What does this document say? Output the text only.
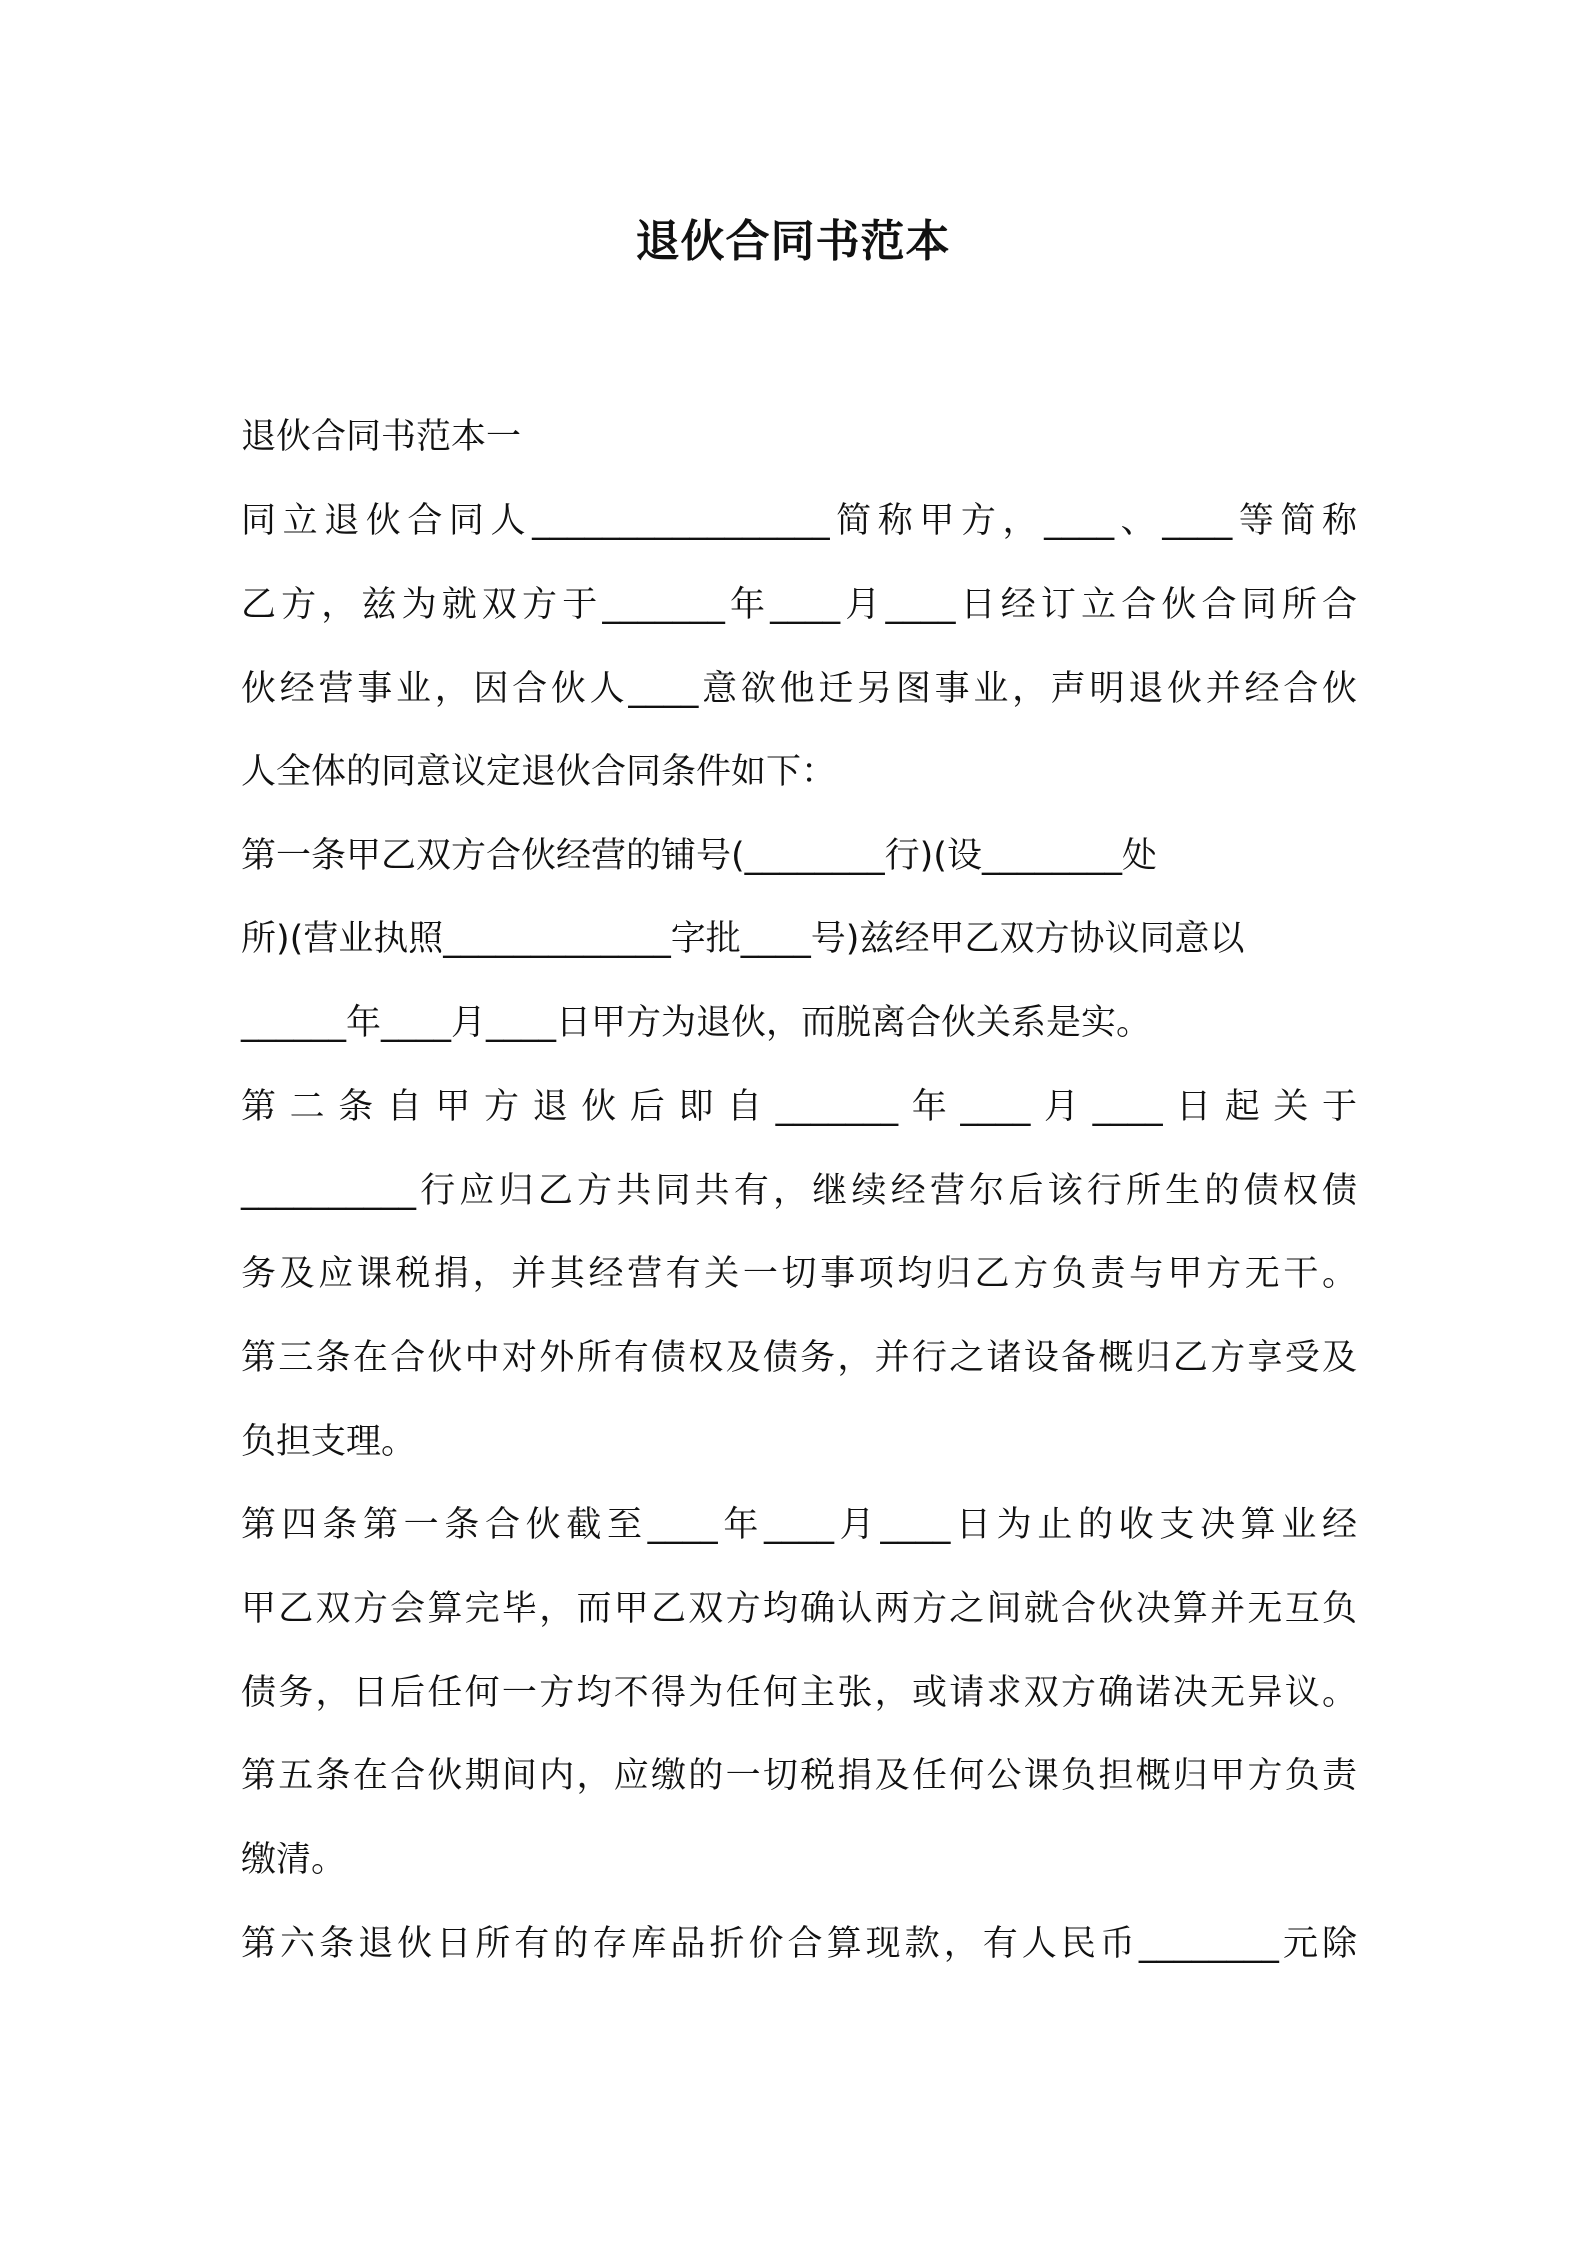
退伙合同书范本

退伙合同书范本一

同立退伙合同人_________________简称甲方，____、____等简称

乙方，兹为就双方于_______年____月____日经订立合伙合同所合

伙经营事业，因合伙人____意欲他迁另图事业，声明退伙并经合伙

人全体的同意议定退伙合同条件如下：

第一条甲乙双方合伙经营的铺号(________行)(设________处

所)(营业执照_____________字批____号)兹经甲乙双方协议同意以

______年____月____日甲方为退伙，而脱离合伙关系是实。

第二条自甲方退伙后即自_______年____月____日起关于

__________行应归乙方共同共有，继续经营尔后该行所生的债权债

务及应课税捐，并其经营有关一切事项均归乙方负责与甲方无干。

第三条在合伙中对外所有债权及债务，并行之诸设备概归乙方享受及

负担支理。

第四条第一条合伙截至____年____月____日为止的收支决算业经

甲乙双方会算完毕，而甲乙双方均确认两方之间就合伙决算并无互负

债务，日后任何一方均不得为任何主张，或请求双方确诺决无异议。

第五条在合伙期间内，应缴的一切税捐及任何公课负担概归甲方负责

缴清。

第六条退伙日所有的存库品折价合算现款，有人民币________元除
